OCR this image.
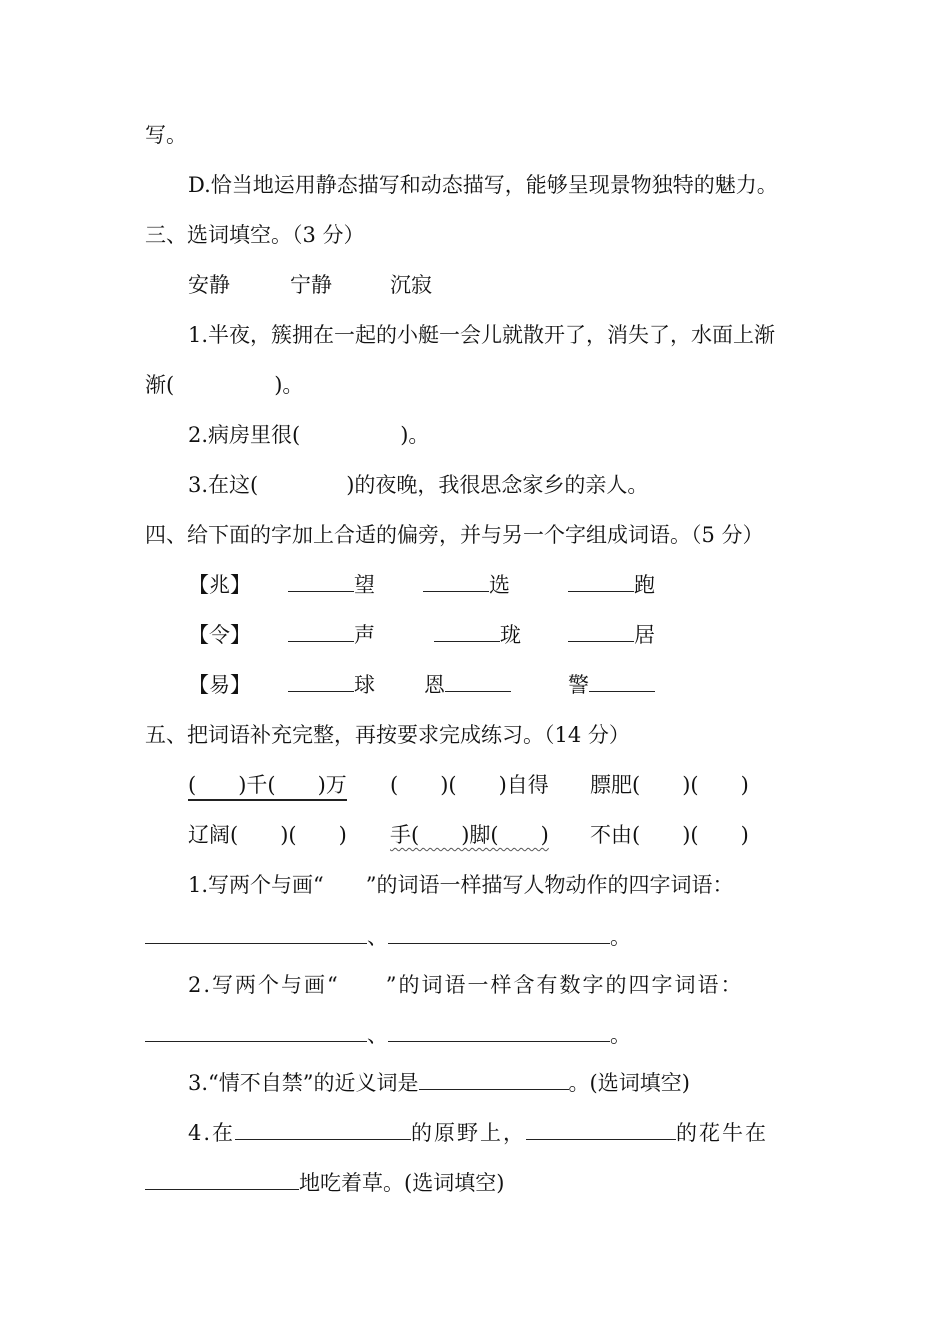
写。
D.恰当地运用静态描写和动态描写，能够呈现景物独特的魅力。
三、选词填空。（3 分）
安静	宁静	沉寂
1.半夜，簇拥在一起的小艇一会儿就散开了，消失了，水面上渐
渐(	)。
2.病房里很(	)。
3.在这(	)的夜晚，我很思念家乡的亲人。
四、给下面的字加上合适的偏旁，并与另一个字组成词语。（5 分）
【兆】	望	选	跑
【令】	声	珑	居
【易】	球 恩	警
五、把词语补充完整，再按要求完成练习。（14 分）
(　　)千(　　)万 (　　)(　　)自得 膘肥(　　)(　　)
辽阔(　　)(　　) 手(　　)脚(　　) 不由(　　)(　　)
1.写两个与画“　　”的词语一样描写人物动作的四字词语：
、	。
2.写两个与画“　　”的词语一样含有数字的四字词语：
、	。
3.“情不自禁”的近义词是	。(选词填空)
4.在	的原野上，	的花牛在
地吃着草。(选词填空)
